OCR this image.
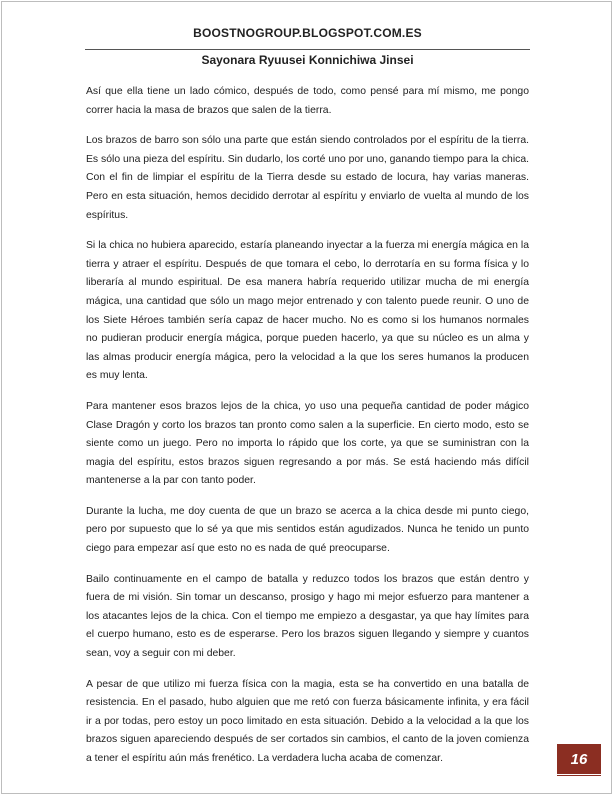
BOOSTNOGROUP.BLOGSPOT.COM.ES
Sayonara Ryuusei Konnichiwa Jinsei

Así que ella tiene un lado cómico, después de todo, como pensé para mí mismo, me pongo correr hacia la masa de brazos que salen de la tierra.

Los brazos de barro son sólo una parte que están siendo controlados por el espíritu de la tierra. Es sólo una pieza del espíritu. Sin dudarlo, los corté uno por uno, ganando tiempo para la chica. Con el fin de limpiar el espíritu de la Tierra desde su estado de locura, hay varias maneras. Pero en esta situación, hemos decidido derrotar al espíritu y enviarlo de vuelta al mundo de los espíritus.

Si la chica no hubiera aparecido, estaría planeando inyectar a la fuerza mi energía mágica en la tierra y atraer el espíritu. Después de que tomara el cebo, lo derrotaría en su forma física y lo liberaría al mundo espiritual. De esa manera habría requerido utilizar mucha de mi energía mágica, una cantidad que sólo un mago mejor entrenado y con talento puede reunir. O uno de los Siete Héroes también sería capaz de hacer mucho. No es como si los humanos normales no pudieran producir energía mágica, porque pueden hacerlo, ya que su núcleo es un alma y las almas producir energía mágica, pero la velocidad a la que los seres humanos la producen es muy lenta.

Para mantener esos brazos lejos de la chica, yo uso una pequeña cantidad de poder mágico Clase Dragón y corto los brazos tan pronto como salen a la superficie. En cierto modo, esto se siente como un juego. Pero no importa lo rápido que los corte, ya que se suministran con la magia del espíritu, estos brazos siguen regresando a por más. Se está haciendo más difícil mantenerse a la par con tanto poder.

Durante la lucha, me doy cuenta de que un brazo se acerca a la chica desde mi punto ciego, pero por supuesto que lo sé ya que mis sentidos están agudizados. Nunca he tenido un punto ciego para empezar así que esto no es nada de qué preocuparse.

Bailo continuamente en el campo de batalla y reduzco todos los brazos que están dentro y fuera de mi visión. Sin tomar un descanso, prosigo y hago mi mejor esfuerzo para mantener a los atacantes lejos de la chica. Con el tiempo me empiezo a desgastar, ya que hay límites para el cuerpo humano, esto es de esperarse. Pero los brazos siguen llegando y siempre y cuantos sean, voy a seguir con mi deber.

A pesar de que utilizo mi fuerza física con la magia, esta se ha convertido en una batalla de resistencia. En el pasado, hubo alguien que me retó con fuerza básicamente infinita, y era fácil ir a por todas, pero estoy un poco limitado en esta situación. Debido a la velocidad a la que los brazos siguen apareciendo después de ser cortados sin cambios, el canto de la joven comienza a tener el espíritu aún más frenético. La verdadera lucha acaba de comenzar.	16
